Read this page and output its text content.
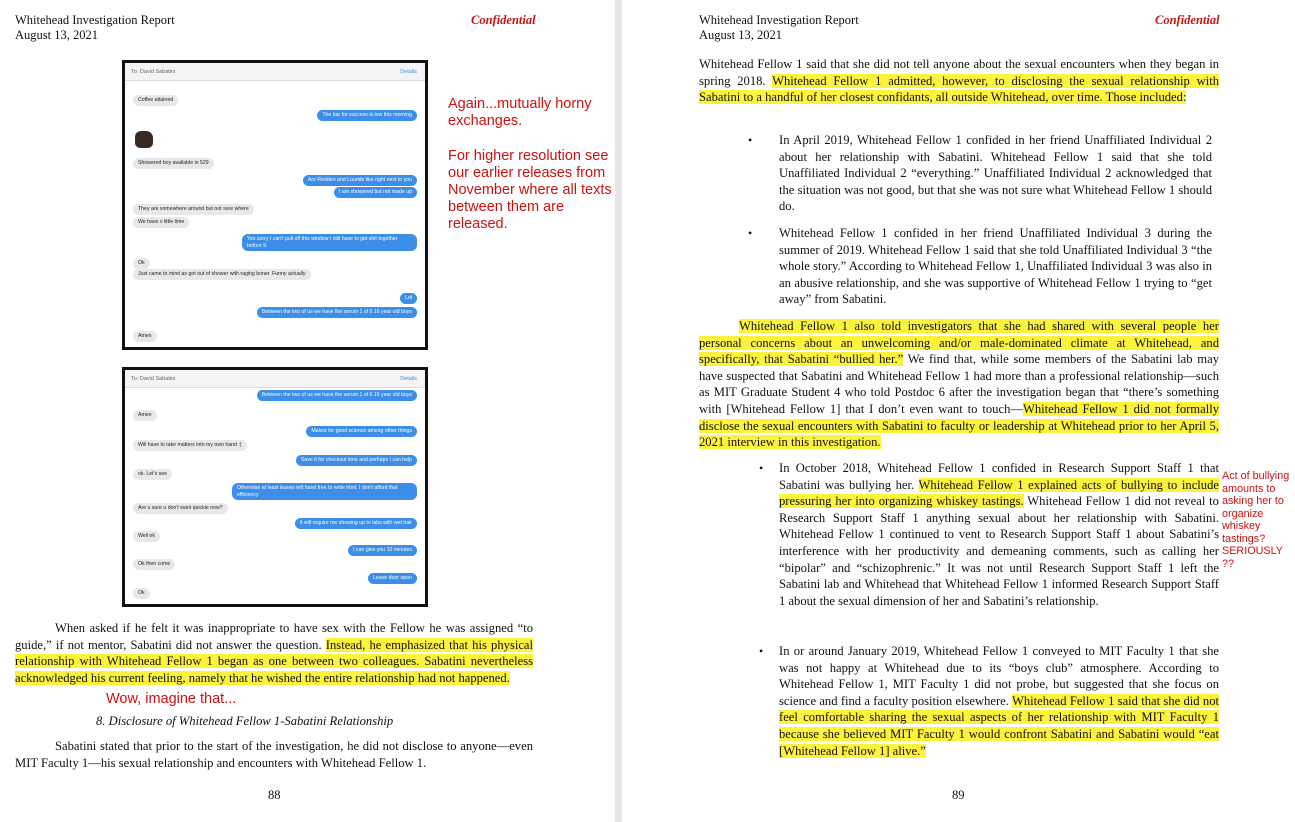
Whitehead Investigation Report
August 13, 2021
Confidential
To: David Sabatini	Details
Coffee attained
The bar for success is low this morning
Showered boy available in 529
Are Redden and Lourido like right next to you
I am showered but not made up
They are somewhere around but not sure where
We have v little time
Yes sorry I can't pull off this window I still have to get shit together before 9
Ok
Just came to mind as got out of shower with raging boner. Funny actually
Lol
Between the two of us we have the serum 1 of 6 16 year old boys
Amen
To: David Sabatini	Details
Between the two of us we have the serum 1 of 6 16 year old boys
Amen
Makes for good science among other things
Will have to take matters into my own hand :)
Save it for checkout time and perhaps I can help
ok. Let's see
Otherwise at least leaves left hand free to write html. I don't afford that efficiency.
Are u sure u don't want quickie now?
It will require me showing up to labs with wet hair
Well ok
I can give you 10 minutes
Ok then come
Leave door open
Ok
Again...mutually horny exchanges.
For higher resolution see our earlier releases from November where all texts between them are released.
When asked if he felt it was inappropriate to have sex with the Fellow he was assigned “to guide,” if not mentor, Sabatini did not answer the question. Instead, he emphasized that his physical relationship with Whitehead Fellow 1 began as one between two colleagues. Sabatini nevertheless acknowledged his current feeling, namely that he wished the entire relationship had not happened.
Wow, imagine that...
8. Disclosure of Whitehead Fellow 1-Sabatini Relationship
Sabatini stated that prior to the start of the investigation, he did not disclose to anyone—even MIT Faculty 1—his sexual relationship and encounters with Whitehead Fellow 1.
88
Whitehead Investigation Report
August 13, 2021
Confidential
Whitehead Fellow 1 said that she did not tell anyone about the sexual encounters when they began in spring 2018. Whitehead Fellow 1 admitted, however, to disclosing the sexual relationship with Sabatini to a handful of her closest confidants, all outside Whitehead, over time. Those included:
• In April 2019, Whitehead Fellow 1 confided in her friend Unaffiliated Individual 2 about her relationship with Sabatini. Whitehead Fellow 1 said that she told Unaffiliated Individual 2 “everything.” Unaffiliated Individual 2 acknowledged that the situation was not good, but that she was not sure what Whitehead Fellow 1 should do.
• Whitehead Fellow 1 confided in her friend Unaffiliated Individual 3 during the summer of 2019. Whitehead Fellow 1 said that she told Unaffiliated Individual 3 “the whole story.” According to Whitehead Fellow 1, Unaffiliated Individual 3 was also in an abusive relationship, and she was supportive of Whitehead Fellow 1 trying to “get away” from Sabatini.
Whitehead Fellow 1 also told investigators that she had shared with several people her personal concerns about an unwelcoming and/or male-dominated climate at Whitehead, and specifically, that Sabatini “bullied her.” We find that, while some members of the Sabatini lab may have suspected that Sabatini and Whitehead Fellow 1 had more than a professional relationship—such as MIT Graduate Student 4 who told Postdoc 6 after the investigation began that “there’s something with [Whitehead Fellow 1] that I don’t even want to touch—Whitehead Fellow 1 did not formally disclose the sexual encounters with Sabatini to faculty or leadership at Whitehead prior to her April 5, 2021 interview in this investigation.
• In October 2018, Whitehead Fellow 1 confided in Research Support Staff 1 that Sabatini was bullying her. Whitehead Fellow 1 explained acts of bullying to include pressuring her into organizing whiskey tastings. Whitehead Fellow 1 did not reveal to Research Support Staff 1 anything sexual about her relationship with Sabatini. Whitehead Fellow 1 continued to vent to Research Support Staff 1 about Sabatini’s interference with her productivity and demeaning comments, such as calling her “bipolar” and “schizophrenic.” It was not until Research Support Staff 1 left the Sabatini lab and Whitehead that Whitehead Fellow 1 informed Research Support Staff 1 about the sexual dimension of her and Sabatini’s relationship.
Act of bullying amounts to asking her to organize whiskey tastings? SERIOUSLY ??
• In or around January 2019, Whitehead Fellow 1 conveyed to MIT Faculty 1 that she was not happy at Whitehead due to its “boys club” atmosphere. According to Whitehead Fellow 1, MIT Faculty 1 did not probe, but suggested that she focus on science and find a faculty position elsewhere. Whitehead Fellow 1 said that she did not feel comfortable sharing the sexual aspects of her relationship with MIT Faculty 1 because she believed MIT Faculty 1 would confront Sabatini and Sabatini would “eat [Whitehead Fellow 1] alive.”
89
